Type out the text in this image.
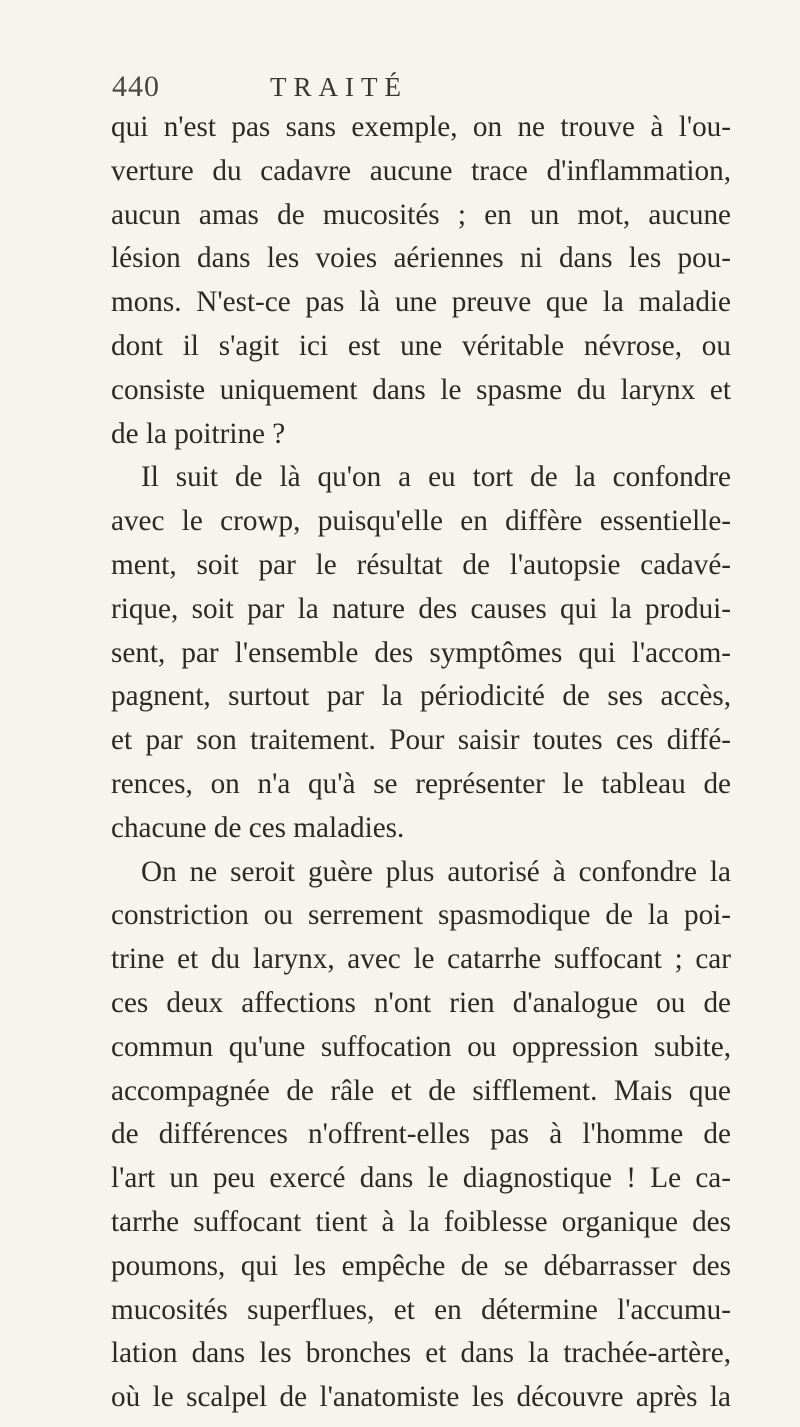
440	TRAITÉ
qui n'est pas sans exemple, on ne trouve à l'ou-
verture du cadavre aucune trace d'inflammation,
aucun amas de mucosités ; en un mot, aucune
lésion dans les voies aériennes ni dans les pou-
mons. N'est-ce pas là une preuve que la maladie
dont il s'agit ici est une véritable névrose, ou
consiste uniquement dans le spasme du larynx et
de la poitrine ?
Il suit de là qu'on a eu tort de la confondre
avec le crowp, puisqu'elle en diffère essentielle-
ment, soit par le résultat de l'autopsie cadavé-
rique, soit par la nature des causes qui la produi-
sent, par l'ensemble des symptômes qui l'accom-
pagnent, surtout par la périodicité de ses accès,
et par son traitement. Pour saisir toutes ces diffé-
rences, on n'a qu'à se représenter le tableau de
chacune de ces maladies.
On ne seroit guère plus autorisé à confondre la
constriction ou serrement spasmodique de la poi-
trine et du larynx, avec le catarrhe suffocant ; car
ces deux affections n'ont rien d'analogue ou de
commun qu'une suffocation ou oppression subite,
accompagnée de râle et de sifflement. Mais que
de différences n'offrent-elles pas à l'homme de
l'art un peu exercé dans le diagnostique ! Le ca-
tarrhe suffocant tient à la foiblesse organique des
poumons, qui les empêche de se débarrasser des
mucosités superflues, et en détermine l'accumu-
lation dans les bronches et dans la trachée-artère,
où le scalpel de l'anatomiste les découvre après la
